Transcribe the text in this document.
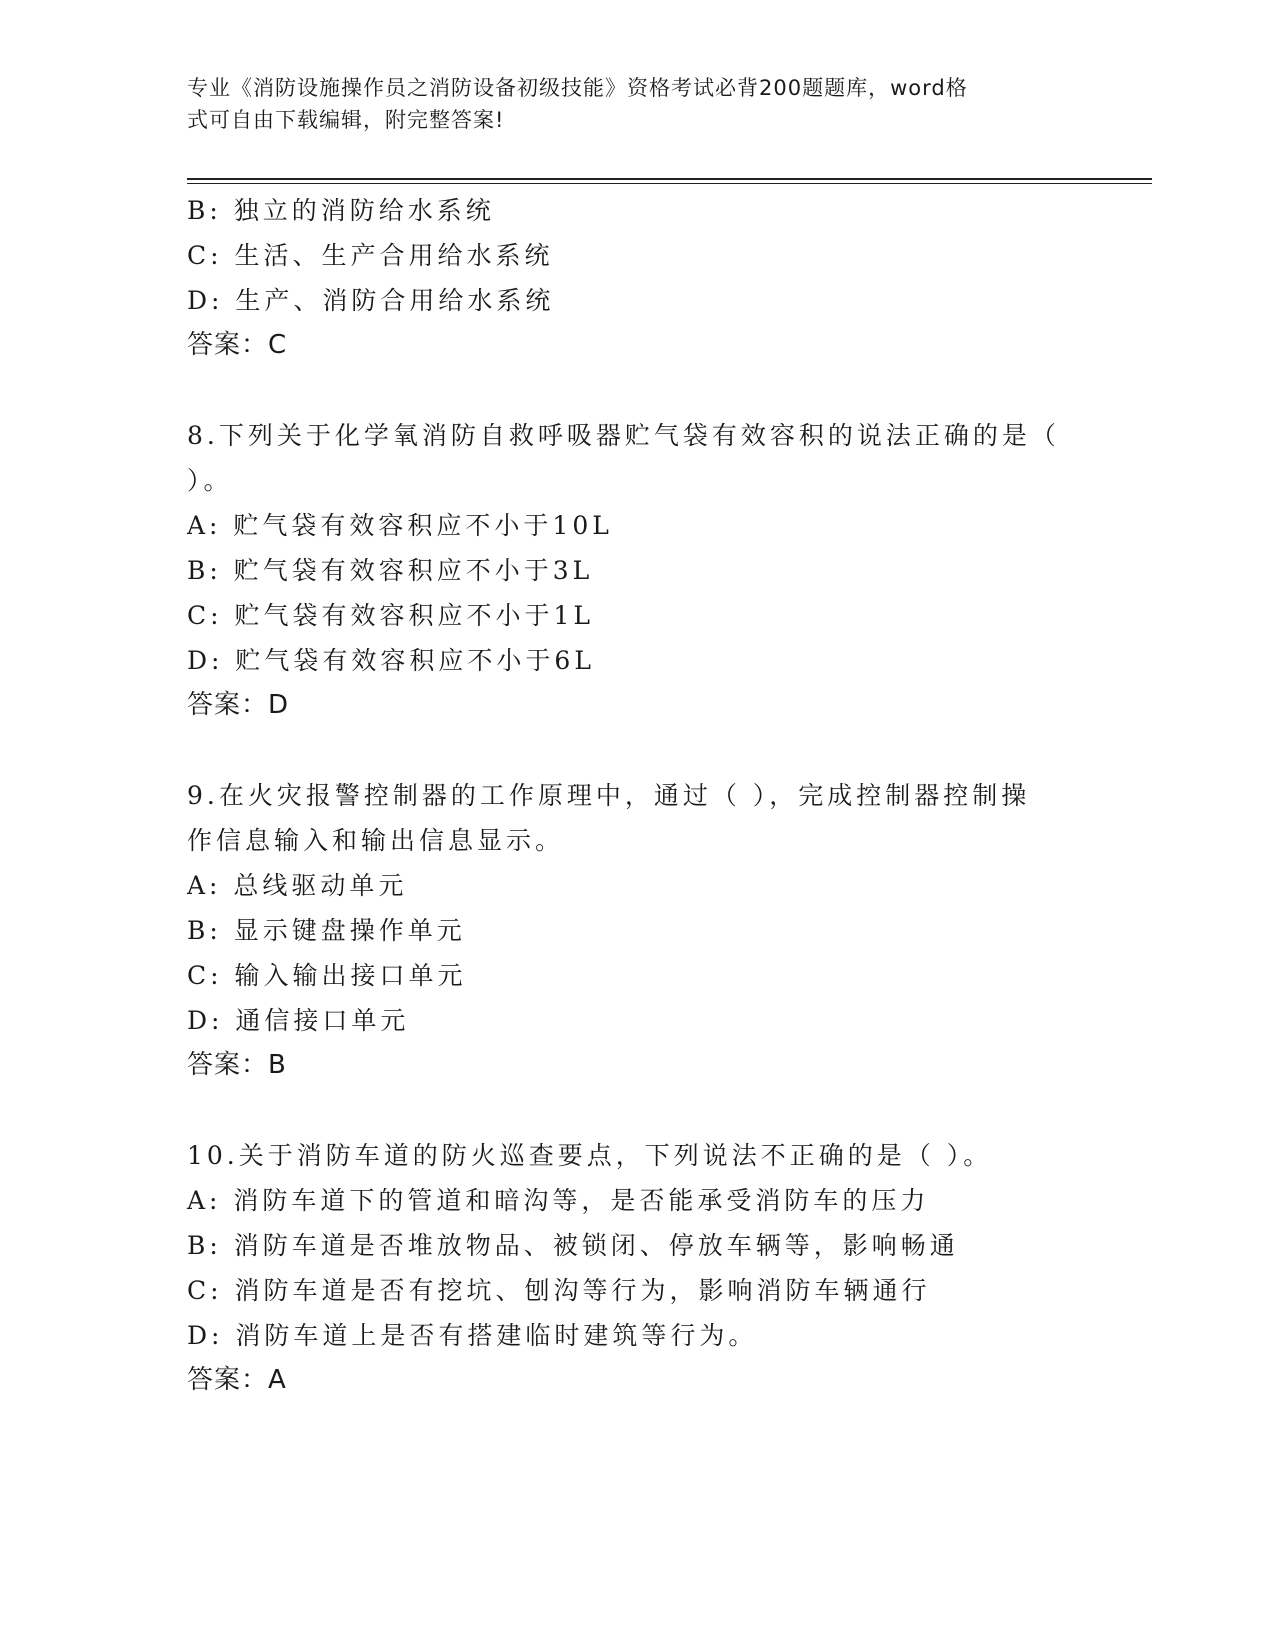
专业《消防设施操作员之消防设备初级技能》资格考试必背200题题库，word格
式可自由下载编辑，附完整答案!
B: 独立的消防给水系统
C: 生活、生产合用给水系统
D: 生产、消防合用给水系统
答案：C
8.下列关于化学氧消防自救呼吸器贮气袋有效容积的说法正确的是（
）。
A: 贮气袋有效容积应不小于10L
B: 贮气袋有效容积应不小于3L
C: 贮气袋有效容积应不小于1L
D: 贮气袋有效容积应不小于6L
答案：D
9.在火灾报警控制器的工作原理中，通过（ ），完成控制器控制操
作信息输入和输出信息显示。
A: 总线驱动单元
B: 显示键盘操作单元
C: 输入输出接口单元
D: 通信接口单元
答案：B
10.关于消防车道的防火巡查要点，下列说法不正确的是（ ）。
A: 消防车道下的管道和暗沟等，是否能承受消防车的压力
B: 消防车道是否堆放物品、被锁闭、停放车辆等，影响畅通
C: 消防车道是否有挖坑、刨沟等行为，影响消防车辆通行
D: 消防车道上是否有搭建临时建筑等行为。
答案：A
